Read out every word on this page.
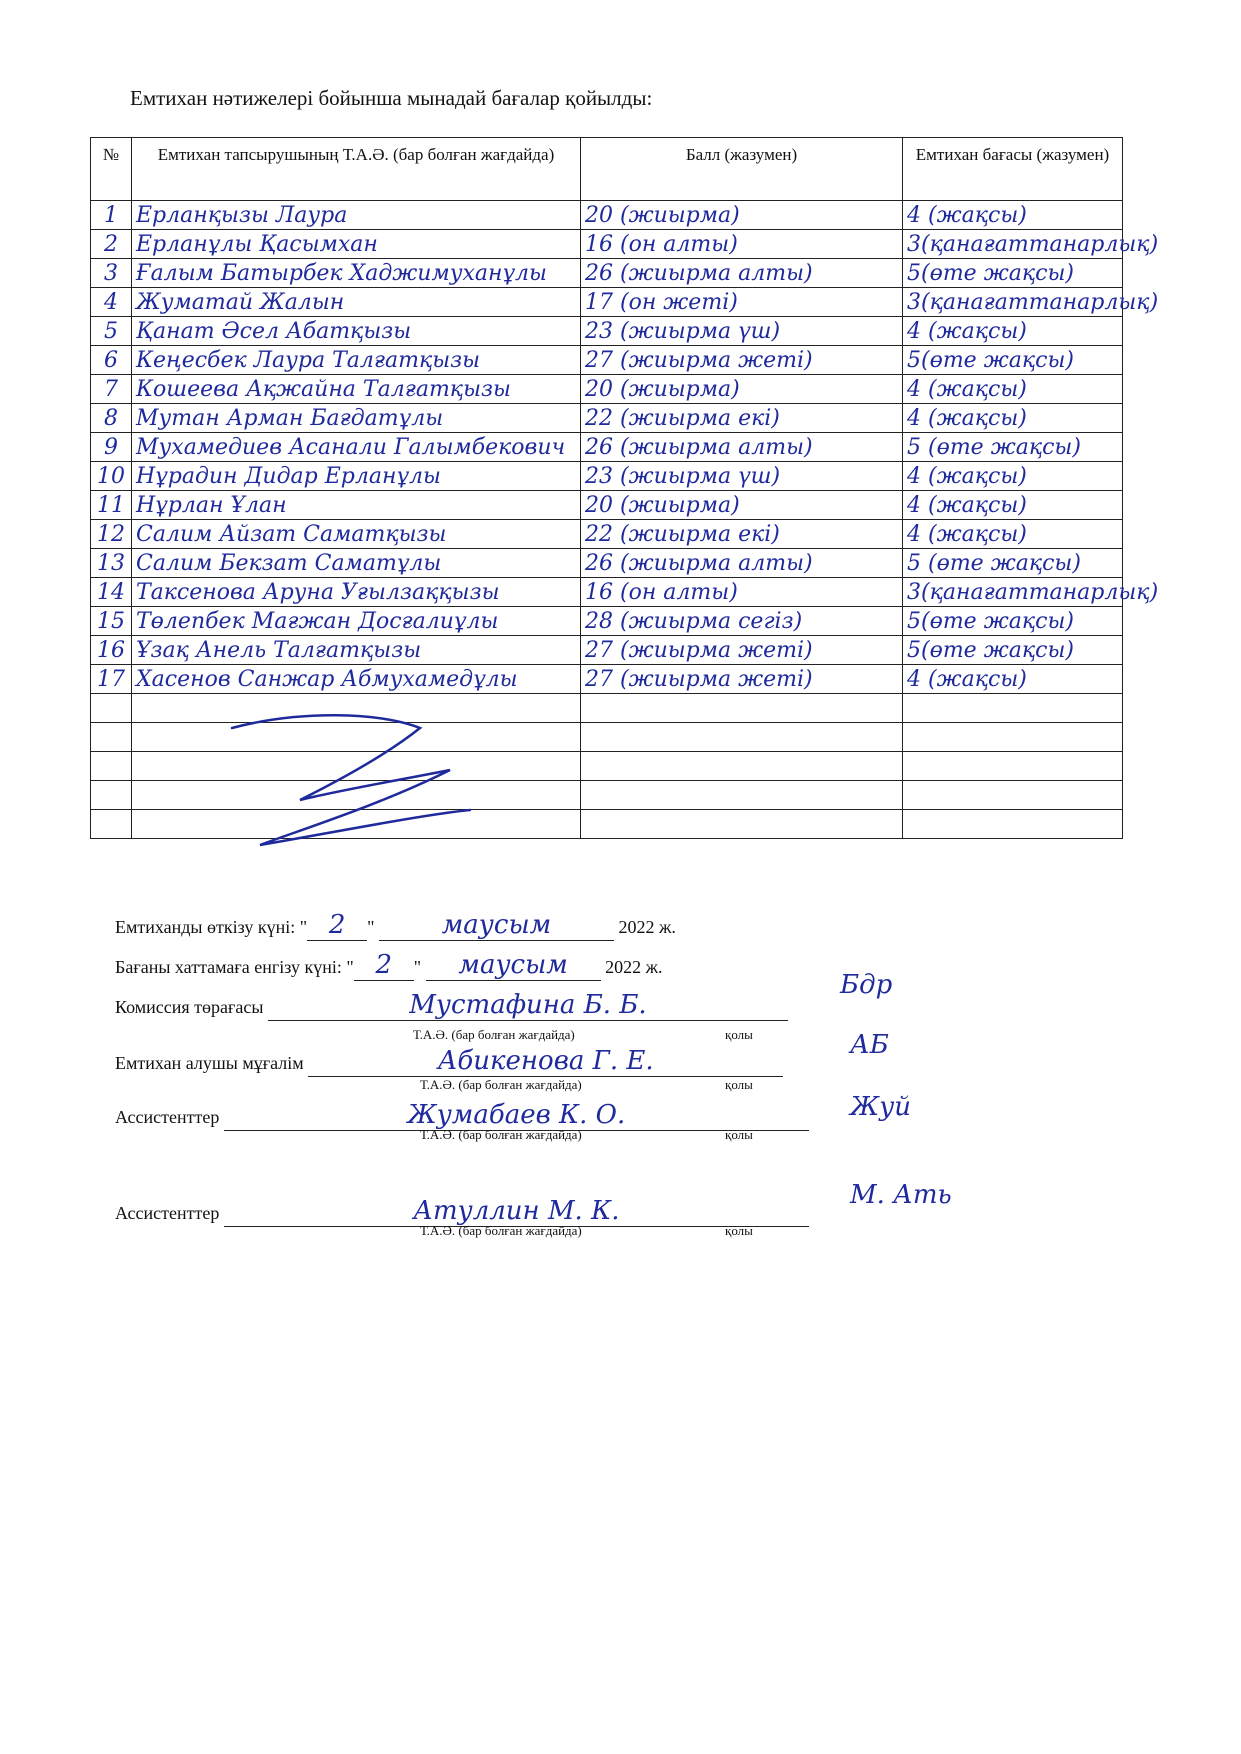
Емтихан нәтижелері бойынша мынадай бағалар қойылды:
№	Емтихан тапсырушының Т.А.Ә. (бар болған жағдайда)	Балл (жазумен)	Емтихан бағасы (жазумен)
1	Ерланқызы Лаура	20 (жиырма)	4 (жақсы)
2	Ерланұлы Қасымхан	16 (он алты)	3(қанағаттанарлық)
3	Ғалым Батырбек Хаджимуханұлы	26 (жиырма алты)	5(өте жақсы)
4	Жуматай Жалын	17 (он жеті)	3(қанағаттанарлық)
5	Қанат Әсел Абатқызы	23 (жиырма үш)	4 (жақсы)
6	Кеңесбек Лаура Талғатқызы	27 (жиырма жеті)	5(өте жақсы)
7	Кошеева Ақжайна Талғатқызы	20 (жиырма)	4 (жақсы)
8	Мутан Арман Бағдатұлы	22 (жиырма екі)	4 (жақсы)
9	Мухамедиев Асанали Галымбекович	26 (жиырма алты)	5 (өте жақсы)
10	Нұрадин Дидар Ерланұлы	23 (жиырма үш)	4 (жақсы)
11	Нұрлан Ұлан	20 (жиырма)	4 (жақсы)
12	Салим Айзат Саматқызы	22 (жиырма екі)	4 (жақсы)
13	Салим Бекзат Саматұлы	26 (жиырма алты)	5 (өте жақсы)
14	Таксенова Аруна Уғылзаққызы	16 (он алты)	3(қанағаттанарлық)
15	Төлепбек Мағжан Досғалиұлы	28 (жиырма сегіз)	5(өте жақсы)
16	Ұзақ Анель Талғатқызы	27 (жиырма жеті)	5(өте жақсы)
17	Хасенов Санжар Абмухамедұлы	27 (жиырма жеті)	4 (жақсы)

Емтиханды өткізу күні: " 2 " маусым	2022 ж.
Бағаны хаттамаға енгізу күні: " 2 " маусым 2022 ж.
Комиссия төрағасы	Мустафина Б. Б.
Бдр
Т.А.Ә. (бар болған жағдайда)	қолы
Емтихан алушы мұғалім	Абикенова Г. Е.
АБ
Т.А.Ә. (бар болған жағдайда)	қолы
Ассистенттер	Жумабаев К. О.	Жуй
Т.А.Ә. (бар болған жағдайда)	қолы
Ассистенттер	Атуллин М. К.
М. Ать
Т.А.Ә. (бар болған жағдайда)	қолы
